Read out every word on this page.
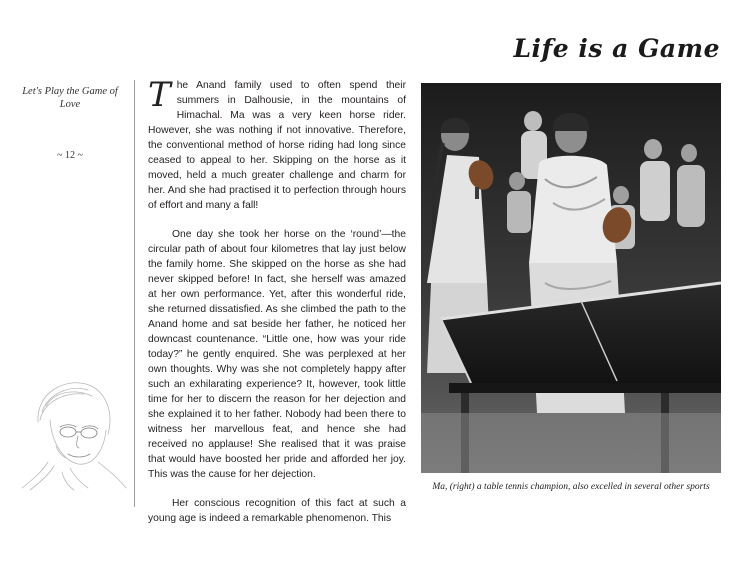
Life is a Game
Let's Play the Game of Love
~ 12 ~

The Anand family used to often spend their summers in Dalhousie, in the mountains of Himachal. Ma was a very keen horse rider. However, she was nothing if not innovative. Therefore, the conventional method of horse riding had long since ceased to appeal to her. Skipping on the horse as it moved, held a much greater challenge and charm for her. And she had practised it to perfection through hours of effort and many a fall!

One day she took her horse on the ‘round’—the circular path of about four kilometres that lay just below the family home. She skipped on the horse as she had never skipped before! In fact, she herself was amazed at her own performance. Yet, after this wonderful ride, she returned dissatisfied. As she climbed the path to the Anand home and sat beside her father, he noticed her downcast countenance. “Little one, how was your ride today?” he gently enquired. She was perplexed at her own thoughts. Why was she not completely happy after such an exhilarating experience? It, however, took little time for her to discern the reason for her dejection and she explained it to her father. Nobody had been there to witness her marvellous feat, and hence she had received no applause! She realised that it was praise that would have boosted her pride and afforded her joy. This was the cause for her dejection.

Her conscious recognition of this fact at such a young age is indeed a remarkable phenomenon. This

Ma, (right) a table tennis champion, also excelled in several other sports
